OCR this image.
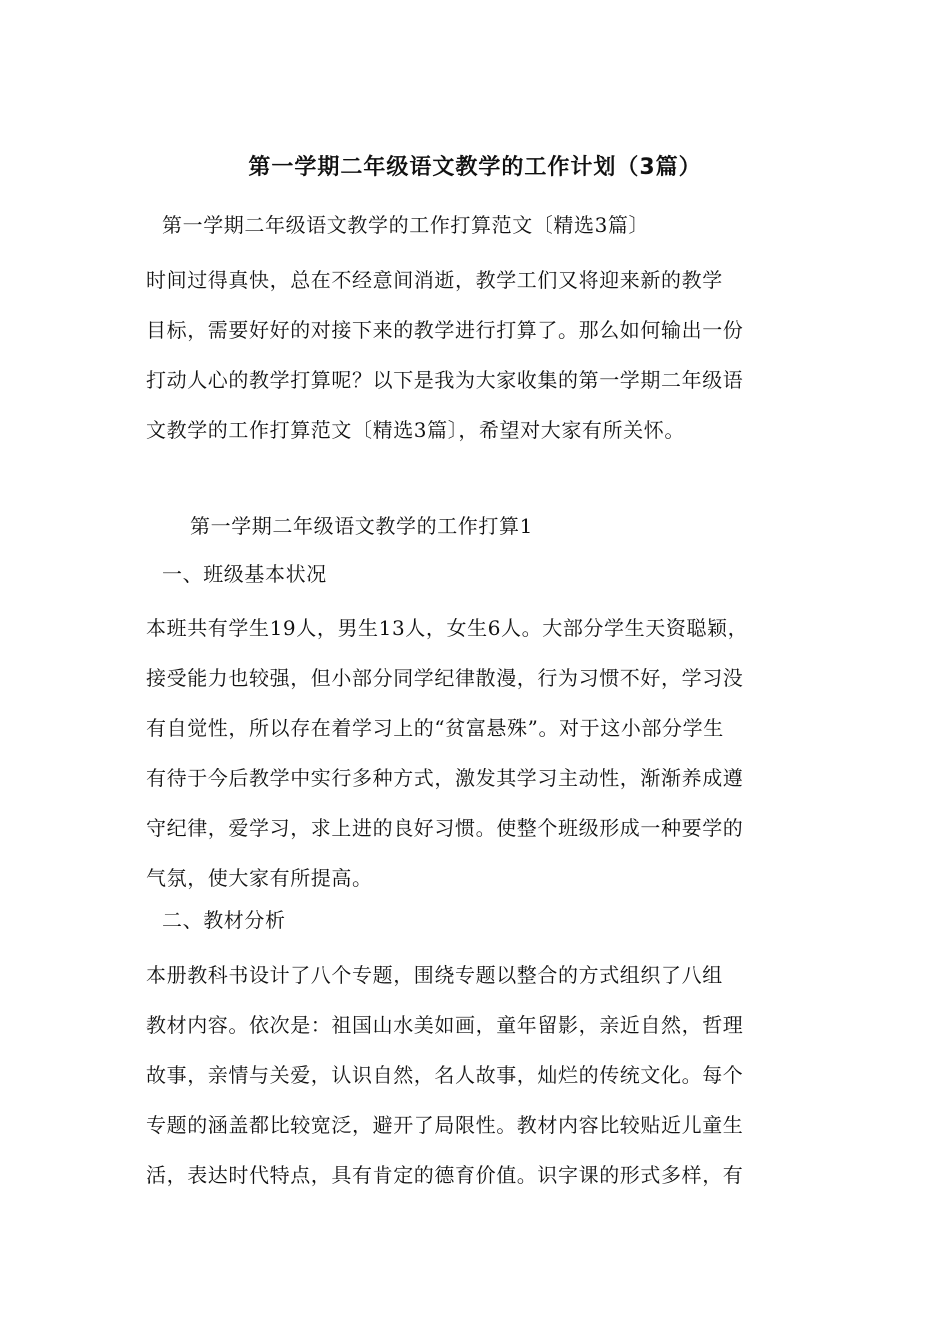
第一学期二年级语文教学的工作计划（3篇）
第一学期二年级语文教学的工作打算范文〔精选3篇〕
时间过得真快，总在不经意间消逝，教学工们又将迎来新的教学
目标，需要好好的对接下来的教学进行打算了。那么如何输出一份
打动人心的教学打算呢？以下是我为大家收集的第一学期二年级语
文教学的工作打算范文〔精选3篇〕，希望对大家有所关怀。
第一学期二年级语文教学的工作打算1
一、班级基本状况
本班共有学生19人，男生13人，女生6人。大部分学生天资聪颖，
接受能力也较强，但小部分同学纪律散漫，行为习惯不好，学习没
有自觉性，所以存在着学习上的“贫富悬殊”。对于这小部分学生
有待于今后教学中实行多种方式，激发其学习主动性，渐渐养成遵
守纪律，爱学习，求上进的良好习惯。使整个班级形成一种要学的
气氛，使大家有所提高。
二、教材分析
本册教科书设计了八个专题，围绕专题以整合的方式组织了八组
教材内容。依次是：祖国山水美如画，童年留影，亲近自然，哲理
故事，亲情与关爱，认识自然，名人故事，灿烂的传统文化。每个
专题的涵盖都比较宽泛，避开了局限性。教材内容比较贴近儿童生
活，表达时代特点，具有肯定的德育价值。识字课的形式多样，有
